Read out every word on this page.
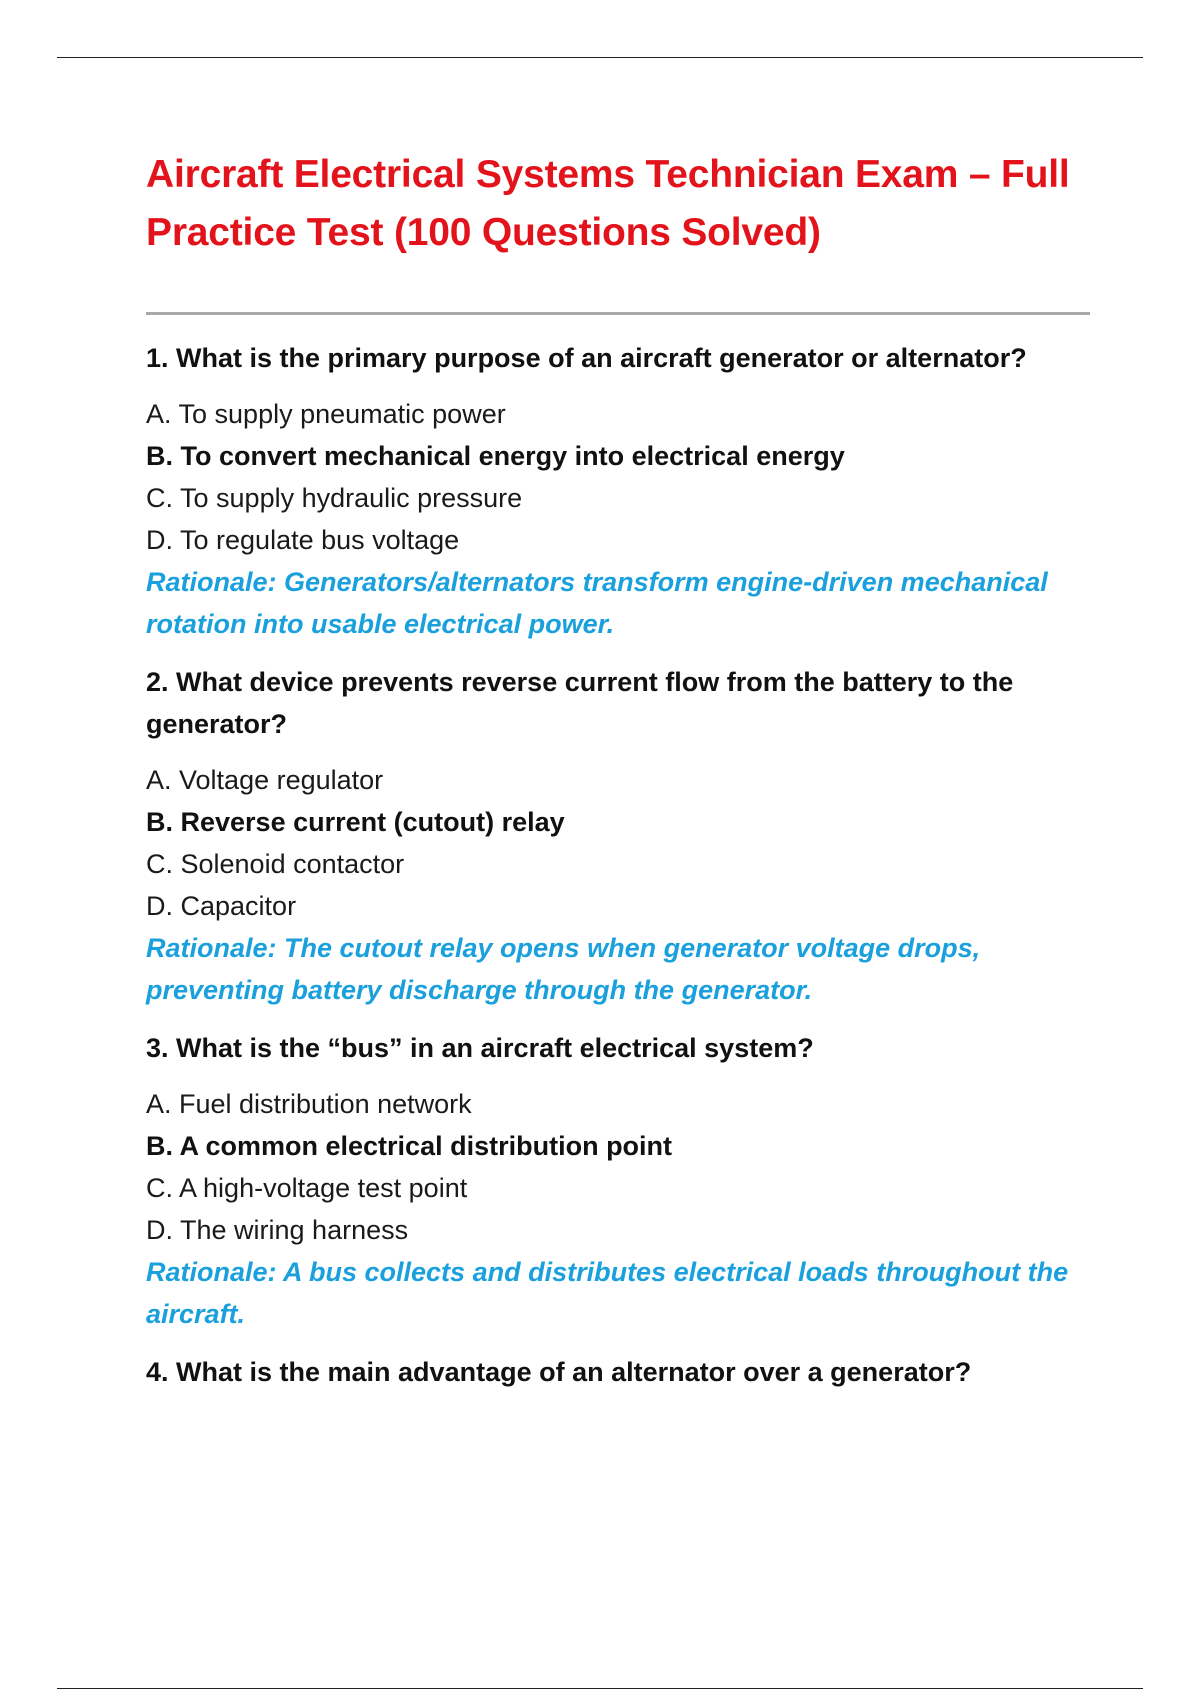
Aircraft Electrical Systems Technician Exam – Full Practice Test (100 Questions Solved)

1. What is the primary purpose of an aircraft generator or alternator?

A. To supply pneumatic power
B. To convert mechanical energy into electrical energy
C. To supply hydraulic pressure
D. To regulate bus voltage

Rationale: Generators/alternators transform engine-driven mechanical rotation into usable electrical power.

2. What device prevents reverse current flow from the battery to the generator?

A. Voltage regulator
B. Reverse current (cutout) relay
C. Solenoid contactor
D. Capacitor

Rationale: The cutout relay opens when generator voltage drops, preventing battery discharge through the generator.

3. What is the “bus” in an aircraft electrical system?

A. Fuel distribution network
B. A common electrical distribution point
C. A high-voltage test point
D. The wiring harness

Rationale: A bus collects and distributes electrical loads throughout the aircraft.

4. What is the main advantage of an alternator over a generator?
